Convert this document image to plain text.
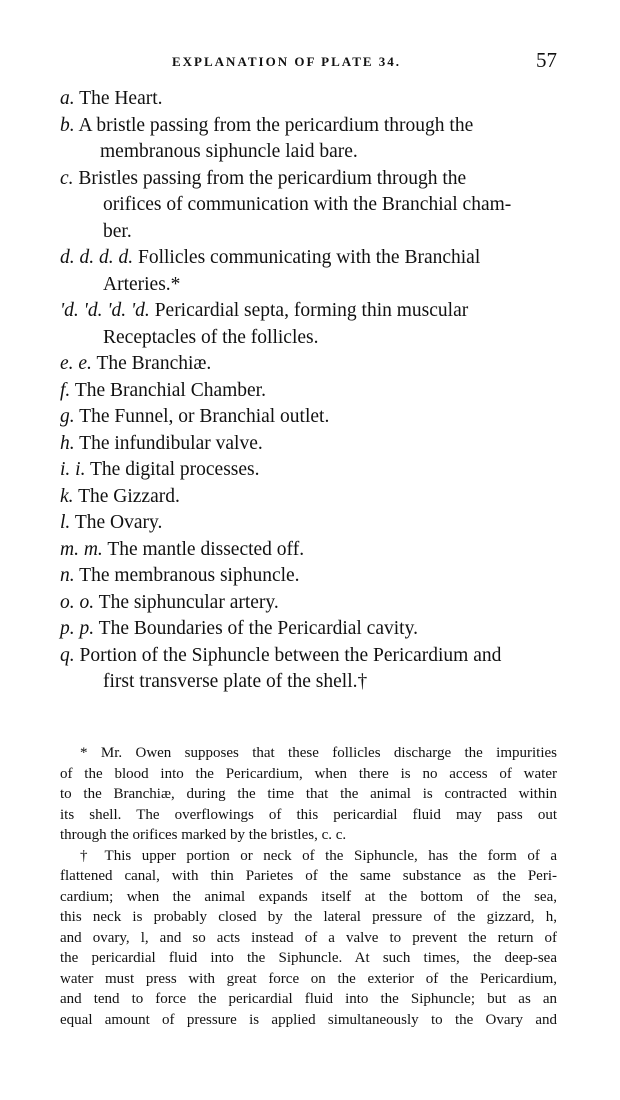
EXPLANATION OF PLATE 34.	57
a. The Heart.
b. A bristle passing from the pericardium through the
membranous siphuncle laid bare.
c. Bristles passing from the pericardium through the
orifices of communication with the Branchial cham-
ber.
d. d. d. d. Follicles communicating with the Branchial
Arteries.*
'd. 'd. 'd. 'd. Pericardial septa, forming thin muscular
Receptacles of the follicles.
e. e. The Branchiæ.
f. The Branchial Chamber.
g. The Funnel, or Branchial outlet.
h. The infundibular valve.
i. i. The digital processes.
k. The Gizzard.
l. The Ovary.
m. m. The mantle dissected off.
n. The membranous siphuncle.
o. o. The siphuncular artery.
p. p. The Boundaries of the Pericardial cavity.
q. Portion of the Siphuncle between the Pericardium and
first transverse plate of the shell.†
* Mr. Owen supposes that these follicles discharge the impurities
of the blood into the Pericardium, when there is no access of water
to the Branchiæ, during the time that the animal is contracted within
its shell. The overflowings of this pericardial fluid may pass out
through the orifices marked by the bristles, c. c.
† This upper portion or neck of the Siphuncle, has the form of a
flattened canal, with thin Parietes of the same substance as the Peri-
cardium; when the animal expands itself at the bottom of the sea,
this neck is probably closed by the lateral pressure of the gizzard, h,
and ovary, l, and so acts instead of a valve to prevent the return of
the pericardial fluid into the Siphuncle. At such times, the deep-sea
water must press with great force on the exterior of the Pericardium,
and tend to force the pericardial fluid into the Siphuncle; but as an
equal amount of pressure is applied simultaneously to the Ovary and
